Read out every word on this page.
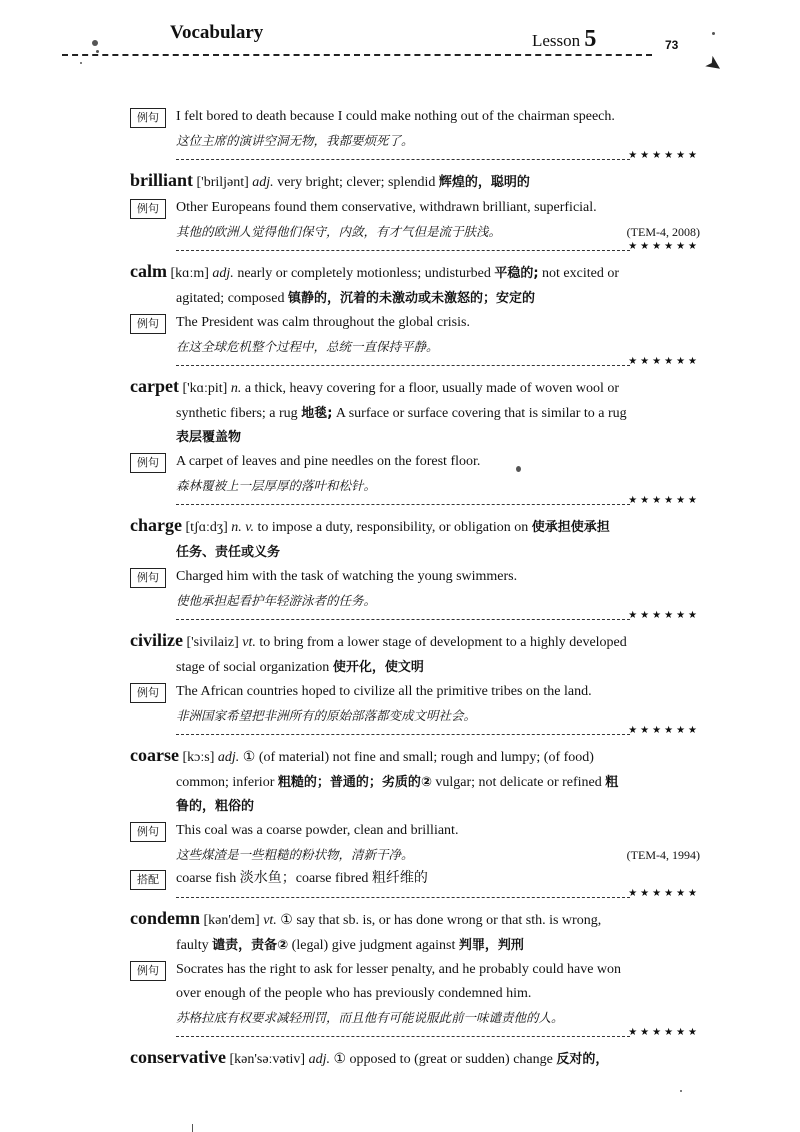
Vocabulary	Lesson 5	73
➤
例句	I felt bored to death because I could make nothing out of the chairman speech.
这位主席的演讲空洞无物，我都要烦死了。
★★★★★★
brilliant ['briljənt] adj. very bright; clever; splendid 辉煌的，聪明的
例句	Other Europeans found them conservative, withdrawn brilliant, superficial.
其他的欧洲人觉得他们保守，内敛，有才气但是流于肤浅。	(TEM-4, 2008)
★★★★★★
calm [kɑːm] adj. nearly or completely motionless; undisturbed 平稳的; not excited or
agitated; composed 镇静的，沉着的未激动或未激怒的；安定的
例句	The President was calm throughout the global crisis.
在这全球危机整个过程中，总统一直保持平静。
★★★★★★
carpet ['kɑːpit] n. a thick, heavy covering for a floor, usually made of woven wool or
synthetic fibers; a rug 地毯; A surface or surface covering that is similar to a rug
表层覆盖物
例句	A carpet of leaves and pine needles on the forest floor.
森林覆被上一层厚厚的落叶和松针。
★★★★★★
charge [tʃɑːdʒ] n. v. to impose a duty, responsibility, or obligation on 使承担使承担
任务、责任或义务
例句	Charged him with the task of watching the young swimmers.
使他承担起看护年轻游泳者的任务。
★★★★★★
civilize ['sivilaiz] vt. to bring from a lower stage of development to a highly developed
stage of social organization 使开化，使文明
例句	The African countries hoped to civilize all the primitive tribes on the land.
非洲国家希望把非洲所有的原始部落都变成文明社会。
★★★★★★
coarse [kɔːs] adj. ① (of material) not fine and small; rough and lumpy; (of food)
common; inferior 粗糙的；普通的；劣质的② vulgar; not delicate or refined 粗
鲁的，粗俗的
例句	This coal was a coarse powder, clean and brilliant.
这些煤渣是一些粗糙的粉状物，清新干净。	(TEM-4, 1994)
搭配	coarse fish 淡水鱼；coarse fibred 粗纤维的
★★★★★★
condemn [kən'dem] vt. ① say that sb. is, or has done wrong or that sth. is wrong,
faulty 谴责，责备② (legal) give judgment against 判罪，判刑
例句	Socrates has the right to ask for lesser penalty, and he probably could have won
over enough of the people who has previously condemned him.
苏格拉底有权要求减轻刑罚，而且他有可能说服此前一味谴责他的人。
★★★★★★
conservative [kən'səːvətiv] adj. ① opposed to (great or sudden) change 反对的，
